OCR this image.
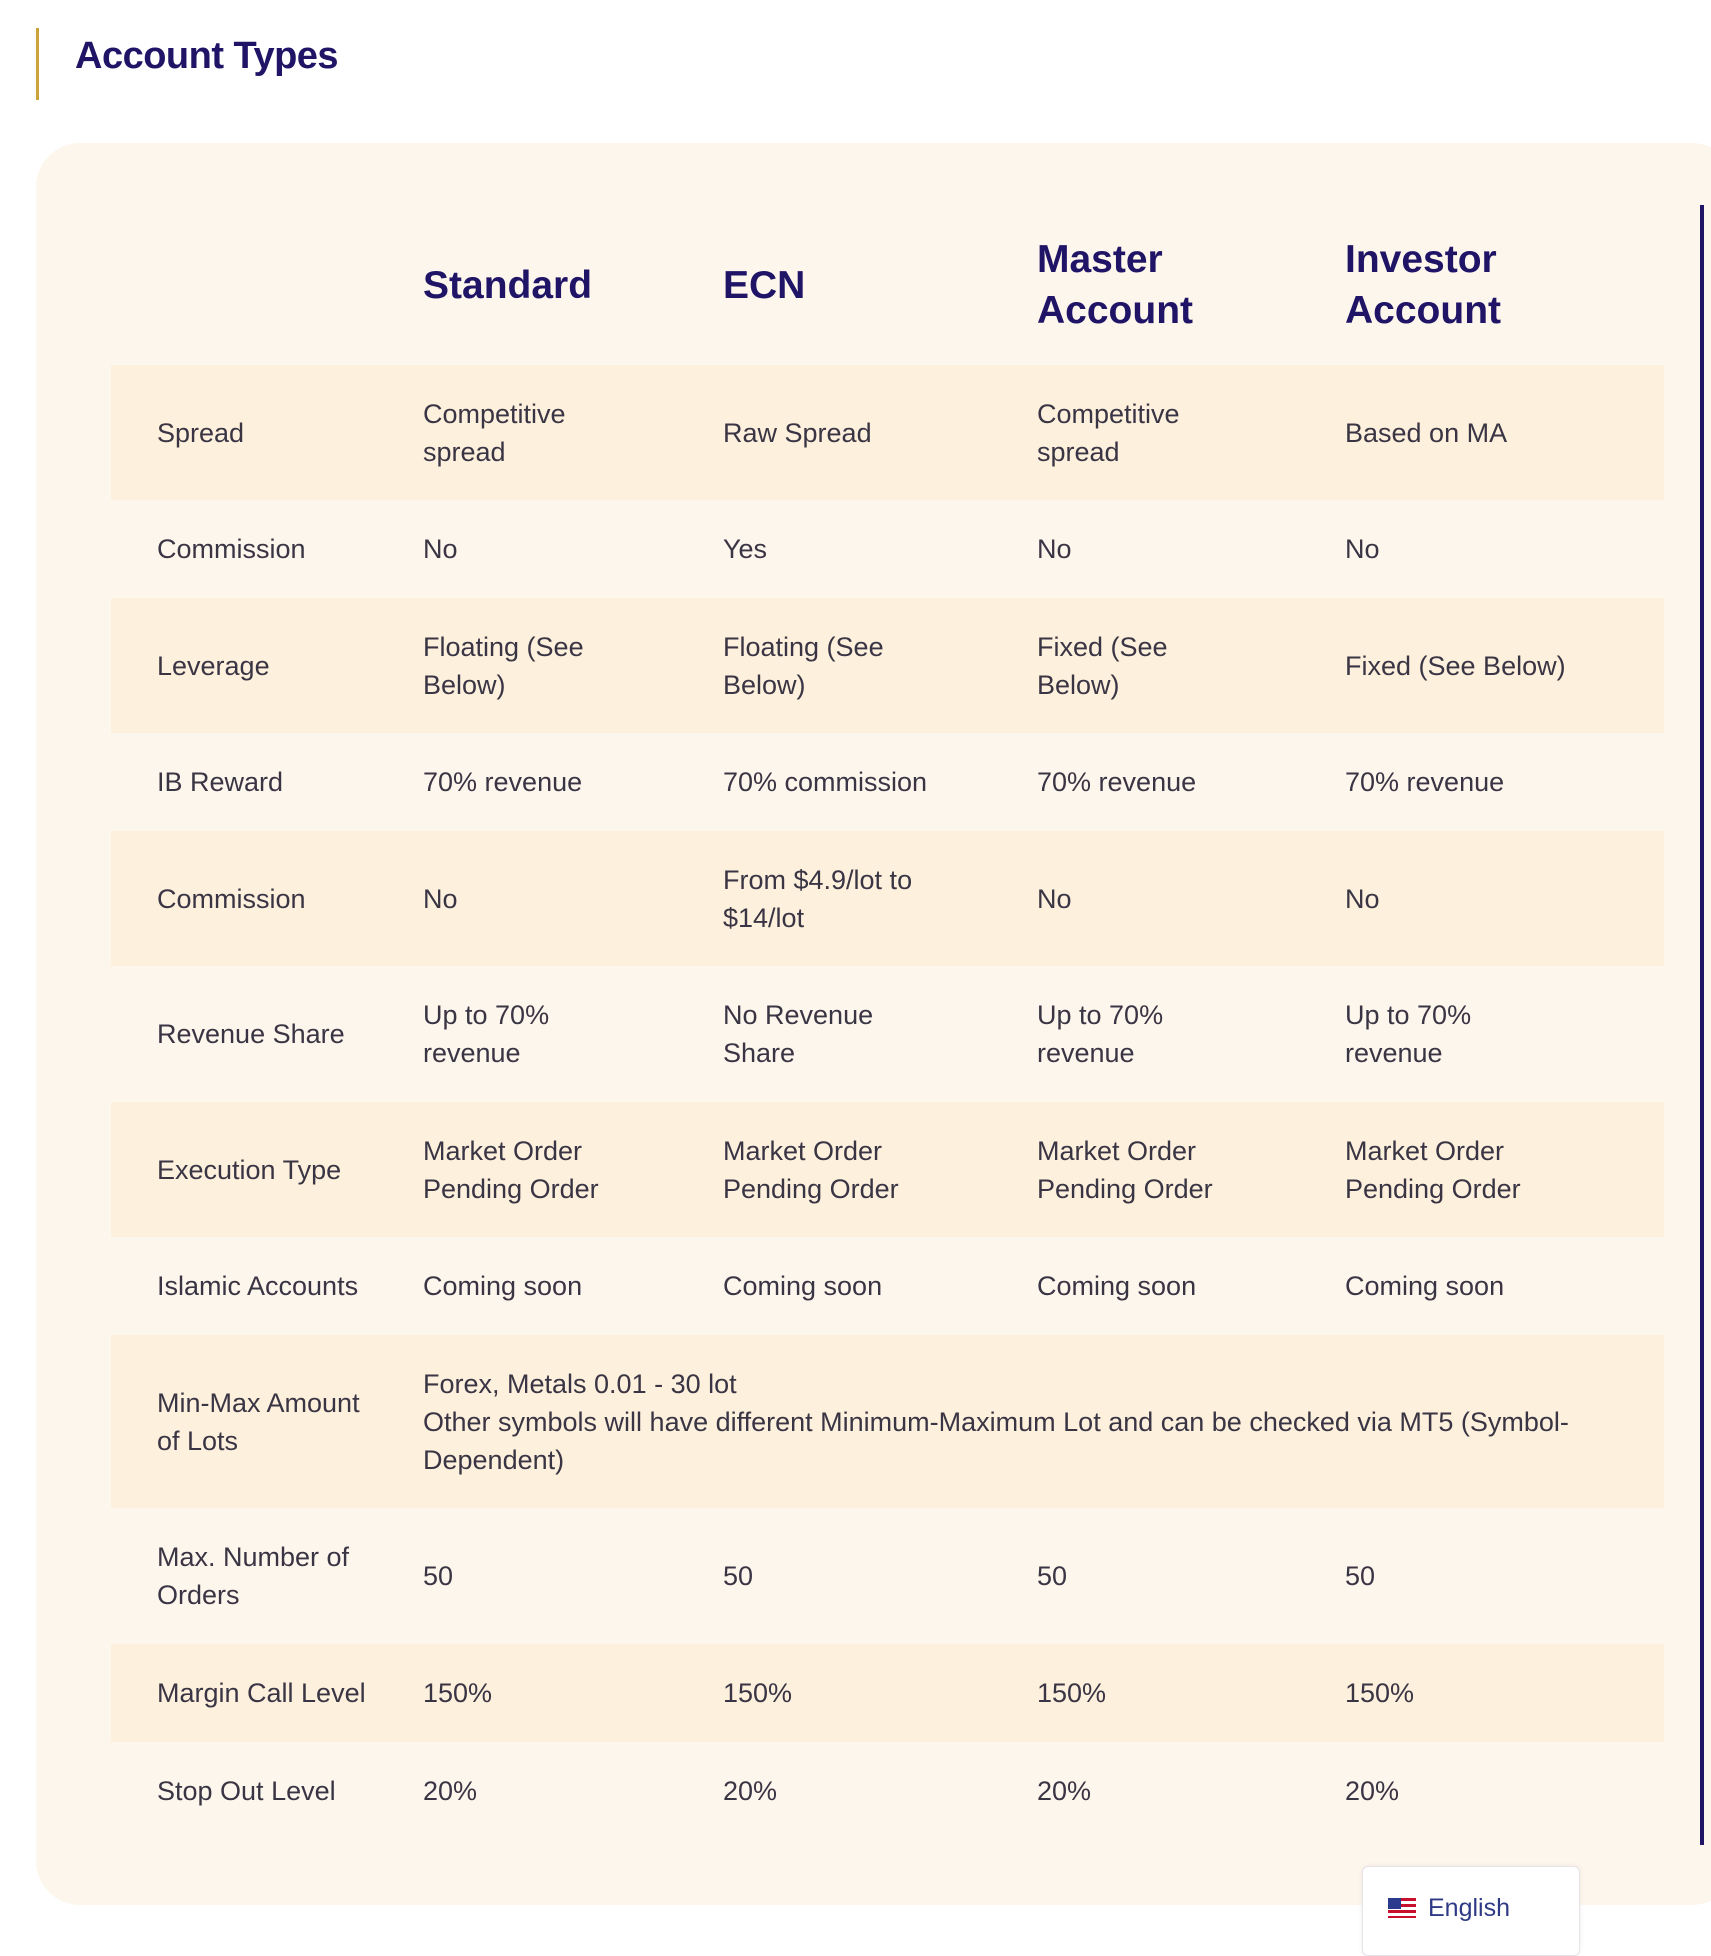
Account Types
	Standard	ECN	Master Account	Investor Account
Spread	Competitive spread	Raw Spread	Competitive spread	Based on MA
Commission	No	Yes	No	No
Leverage	Floating (See Below)	Floating (See Below)	Fixed (See Below)	Fixed (See Below)
IB Reward	70% revenue	70% commission	70% revenue	70% revenue
Commission	No	From $4.9/lot to $14/lot	No	No
Revenue Share	Up to 70% revenue	No Revenue Share	Up to 70% revenue	Up to 70% revenue
Execution Type	Market Order Pending Order	Market Order Pending Order	Market Order Pending Order	Market Order Pending Order
Islamic Accounts	Coming soon	Coming soon	Coming soon	Coming soon
Min-Max Amount of Lots	Forex, Metals 0.01 - 30 lot
Other symbols will have different Minimum-Maximum Lot and can be checked via MT5 (Symbol-Dependent)			

Max. Number of Orders	50	50	50	50
Margin Call Level	150%	150%	150%	150%
Stop Out Level	20%	20%	20%	20%
English
